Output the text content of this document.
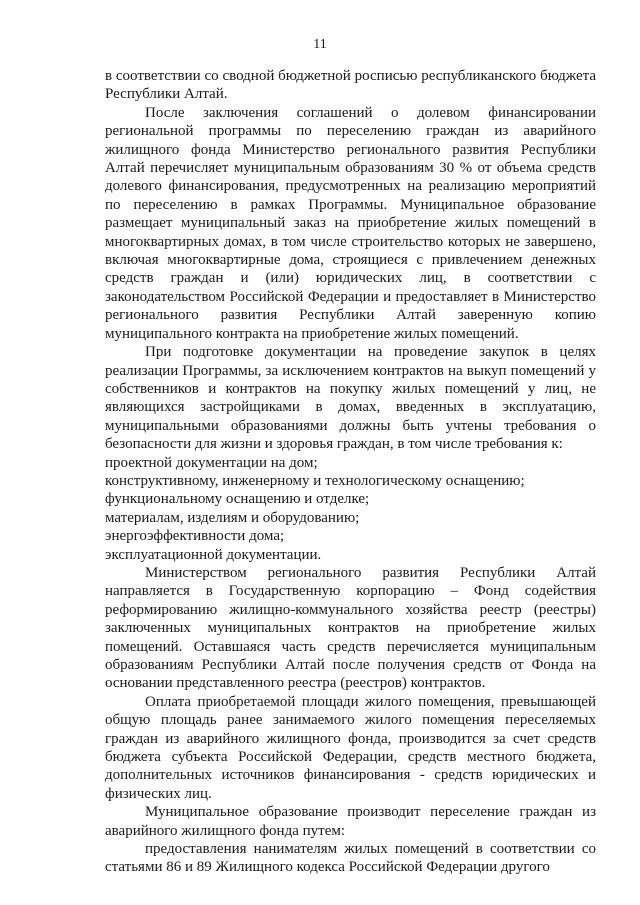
11

в соответствии со сводной бюджетной росписью республиканского бюджета Республики Алтай.

После заключения соглашений о долевом финансировании региональной программы по переселению граждан из аварийного жилищного фонда Министерство регионального развития Республики Алтай перечисляет муниципальным образованиям 30 % от объема средств долевого финансирования, предусмотренных на реализацию мероприятий по переселению в рамках Программы. Муниципальное образование размещает муниципальный заказ на приобретение жилых помещений в многоквартирных домах, в том числе строительство которых не завершено, включая многоквартирные дома, строящиеся с привлечением денежных средств граждан и (или) юридических лиц, в соответствии с законодательством Российской Федерации и предоставляет в Министерство регионального развития Республики Алтай заверенную копию муниципального контракта на приобретение жилых помещений.

При подготовке документации на проведение закупок в целях реализации Программы, за исключением контрактов на выкуп помещений у собственников и контрактов на покупку жилых помещений у лиц, не являющихся застройщиками в домах, введенных в эксплуатацию, муниципальными образованиями должны быть учтены требования о безопасности для жизни и здоровья граждан, в том числе требования к:

проектной документации на дом;

конструктивному, инженерному и технологическому оснащению;

функциональному оснащению и отделке;

материалам, изделиям и оборудованию;

энергоэффективности дома;

эксплуатационной документации.

Министерством регионального развития Республики Алтай направляется в Государственную корпорацию – Фонд содействия реформированию жилищно-коммунального хозяйства реестр (реестры) заключенных муниципальных контрактов на приобретение жилых помещений. Оставшаяся часть средств перечисляется муниципальным образованиям Республики Алтай после получения средств от Фонда на основании представленного реестра (реестров) контрактов.

Оплата приобретаемой площади жилого помещения, превышающей общую площадь ранее занимаемого жилого помещения переселяемых граждан из аварийного жилищного фонда, производится за счет средств бюджета субъекта Российской Федерации, средств местного бюджета, дополнительных источников финансирования - средств юридических и физических лиц.

Муниципальное образование производит переселение граждан из аварийного жилищного фонда путем:

предоставления нанимателям жилых помещений в соответствии со статьями 86 и 89 Жилищного кодекса Российской Федерации другого
